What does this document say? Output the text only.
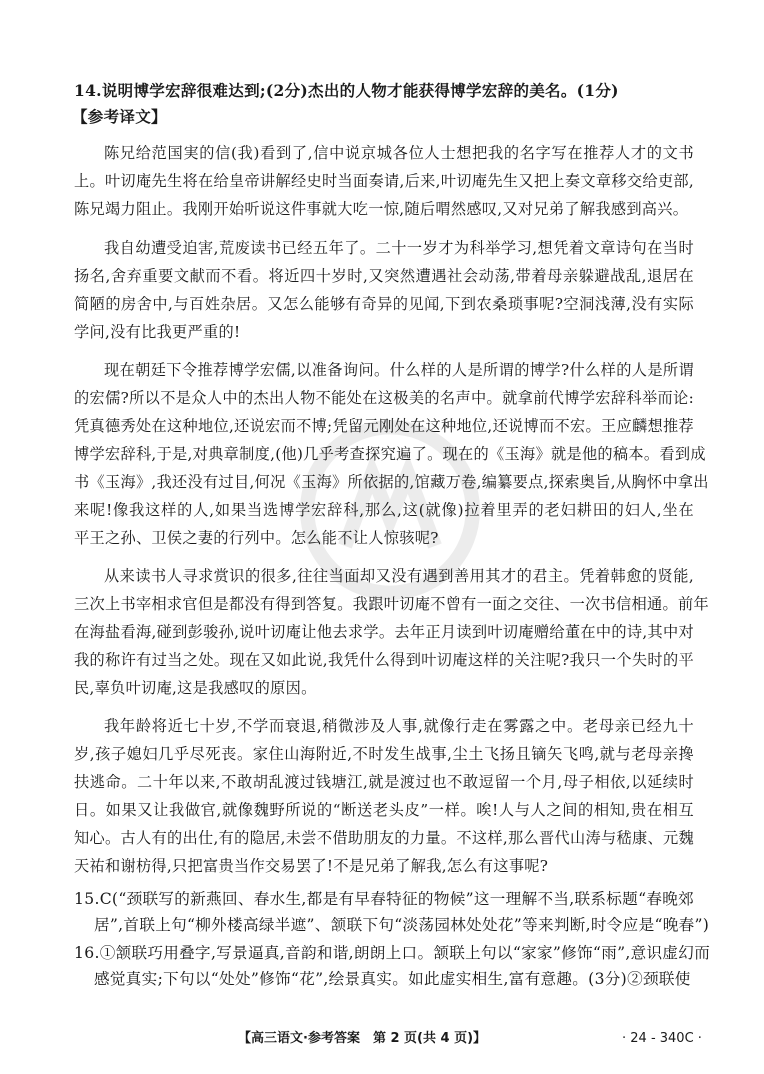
14.说明博学宏辞很难达到;(2分)杰出的人物才能获得博学宏辞的美名。(1分)
【参考译文】
陈兄给范国実的信(我)看到了,信中说京城各位人士想把我的名字写在推荐人才的文书
上。叶讱庵先生将在给皇帝讲解经史时当面奏请,后来,叶讱庵先生又把上奏文章移交给吏部,
陈兄竭力阻止。我刚开始听说这件事就大吃一惊,随后喟然感叹,又对兄弟了解我感到高兴。
我自幼遭受迫害,荒废读书已经五年了。二十一岁才为科举学习,想凭着文章诗句在当时
扬名,舍弃重要文献而不看。将近四十岁时,又突然遭遇社会动荡,带着母亲躲避战乱,退居在
简陋的房舍中,与百姓杂居。又怎么能够有奇异的见闻,下到农桑琐事呢?空洞浅薄,没有实际
学问,没有比我更严重的!
现在朝廷下令推荐博学宏儒,以准备询问。什么样的人是所谓的博学?什么样的人是所谓
的宏儒?所以不是众人中的杰出人物不能处在这极美的名声中。就拿前代博学宏辞科举而论:
凭真德秀处在这种地位,还说宏而不博;凭留元刚处在这种地位,还说博而不宏。王应麟想推荐
博学宏辞科,于是,对典章制度,(他)几乎考查探究遍了。现在的《玉海》就是他的稿本。看到成
书《玉海》,我还没有过目,何况《玉海》所依据的,馆藏万卷,编纂要点,探索奥旨,从胸怀中拿出
来呢!像我这样的人,如果当选博学宏辞科,那么,这(就像)拉着里弄的老妇耕田的妇人,坐在
平王之孙、卫侯之妻的行列中。怎么能不让人惊骇呢?
从来读书人寻求赏识的很多,往往当面却又没有遇到善用其才的君主。凭着韩愈的贤能,
三次上书宰相求官但是都没有得到答复。我跟叶讱庵不曾有一面之交往、一次书信相通。前年
在海盐看海,碰到彭骏孙,说叶讱庵让他去求学。去年正月读到叶讱庵赠给董在中的诗,其中对
我的称许有过当之处。现在又如此说,我凭什么得到叶讱庵这样的关注呢?我只一个失时的平
民,辜负叶讱庵,这是我感叹的原因。
我年龄将近七十岁,不学而衰退,稍微涉及人事,就像行走在雾露之中。老母亲已经九十
岁,孩子媳妇几乎尽死丧。家住山海附近,不时发生战事,尘土飞扬且镝矢飞鸣,就与老母亲搀
扶逃命。二十年以来,不敢胡乱渡过钱塘江,就是渡过也不敢逗留一个月,母子相依,以延续时
日。如果又让我做官,就像魏野所说的“断送老头皮”一样。唉!人与人之间的相知,贵在相互
知心。古人有的出仕,有的隐居,未尝不借助朋友的力量。不这样,那么晋代山涛与嵇康、元魏
天祐和谢枋得,只把富贵当作交易罢了!不是兄弟了解我,怎么有这事呢?
15.C(“颈联写的新燕回、春水生,都是有早春特征的物候”这一理解不当,联系标题“春晚郊
居”,首联上句“柳外楼高绿半遮”、颔联下句“淡荡园林处处花”等来判断,时令应是“晚春”)
16.①颔联巧用叠字,写景逼真,音韵和谐,朗朗上口。颔联上句以“家家”修饰“雨”,意识虚幻而
感觉真实;下句以“处处”修饰“花”,绘景真实。如此虚实相生,富有意趣。(3分)②颈联使
【高三语文·参考答案　第 2 页(共 4 页)】	· 24 - 340C ·
